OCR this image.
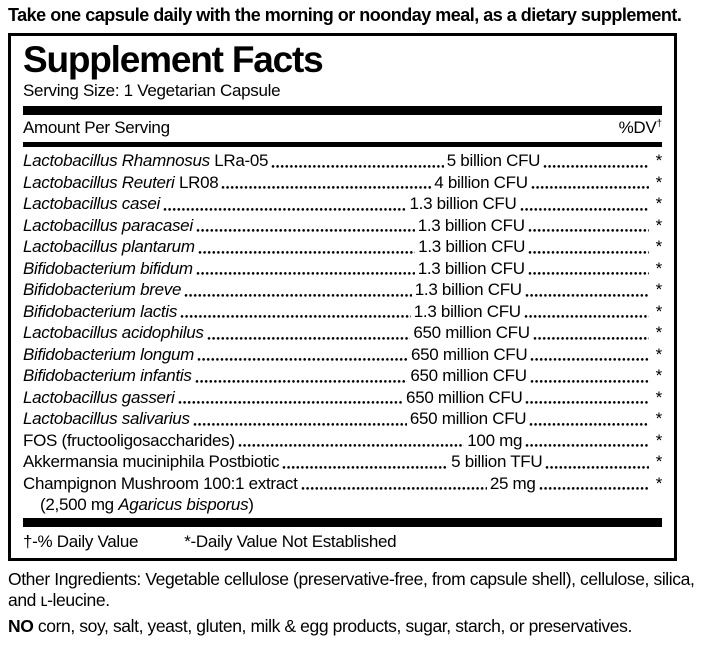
Take one capsule daily with the morning or noonday meal, as a dietary supplement.

Supplement Facts

Serving Size: 1 Vegetarian Capsule

Amount Per Serving	%DV†
Lactobacillus Rhamnosus LRa-05	5 billion CFU	*
Lactobacillus Reuteri LR08	4 billion CFU	*
Lactobacillus casei	1.3 billion CFU	*
Lactobacillus paracasei	1.3 billion CFU	*
Lactobacillus plantarum	1.3 billion CFU	*
Bifidobacterium bifidum	1.3 billion CFU	*
Bifidobacterium breve	1.3 billion CFU	*
Bifidobacterium lactis	1.3 billion CFU	*
Lactobacillus acidophilus	650 million CFU	*
Bifidobacterium longum	650 million CFU	*
Bifidobacterium infantis	650 million CFU	*
Lactobacillus gasseri	650 million CFU	*
Lactobacillus salivarius	650 million CFU	*
FOS (fructooligosaccharides)	100 mg	*
Akkermansia muciniphila Postbiotic	5 billion TFU	*
Champignon Mushroom 100:1 extract	25 mg	*
(2,500 mg Agaricus bisporus)
†-% Daily Value	*-Daily Value Not Established

Other Ingredients: Vegetable cellulose (preservative-free, from capsule shell), cellulose, silica, and ʟ-leucine.

NO corn, soy, salt, yeast, gluten, milk & egg products, sugar, starch, or preservatives.
